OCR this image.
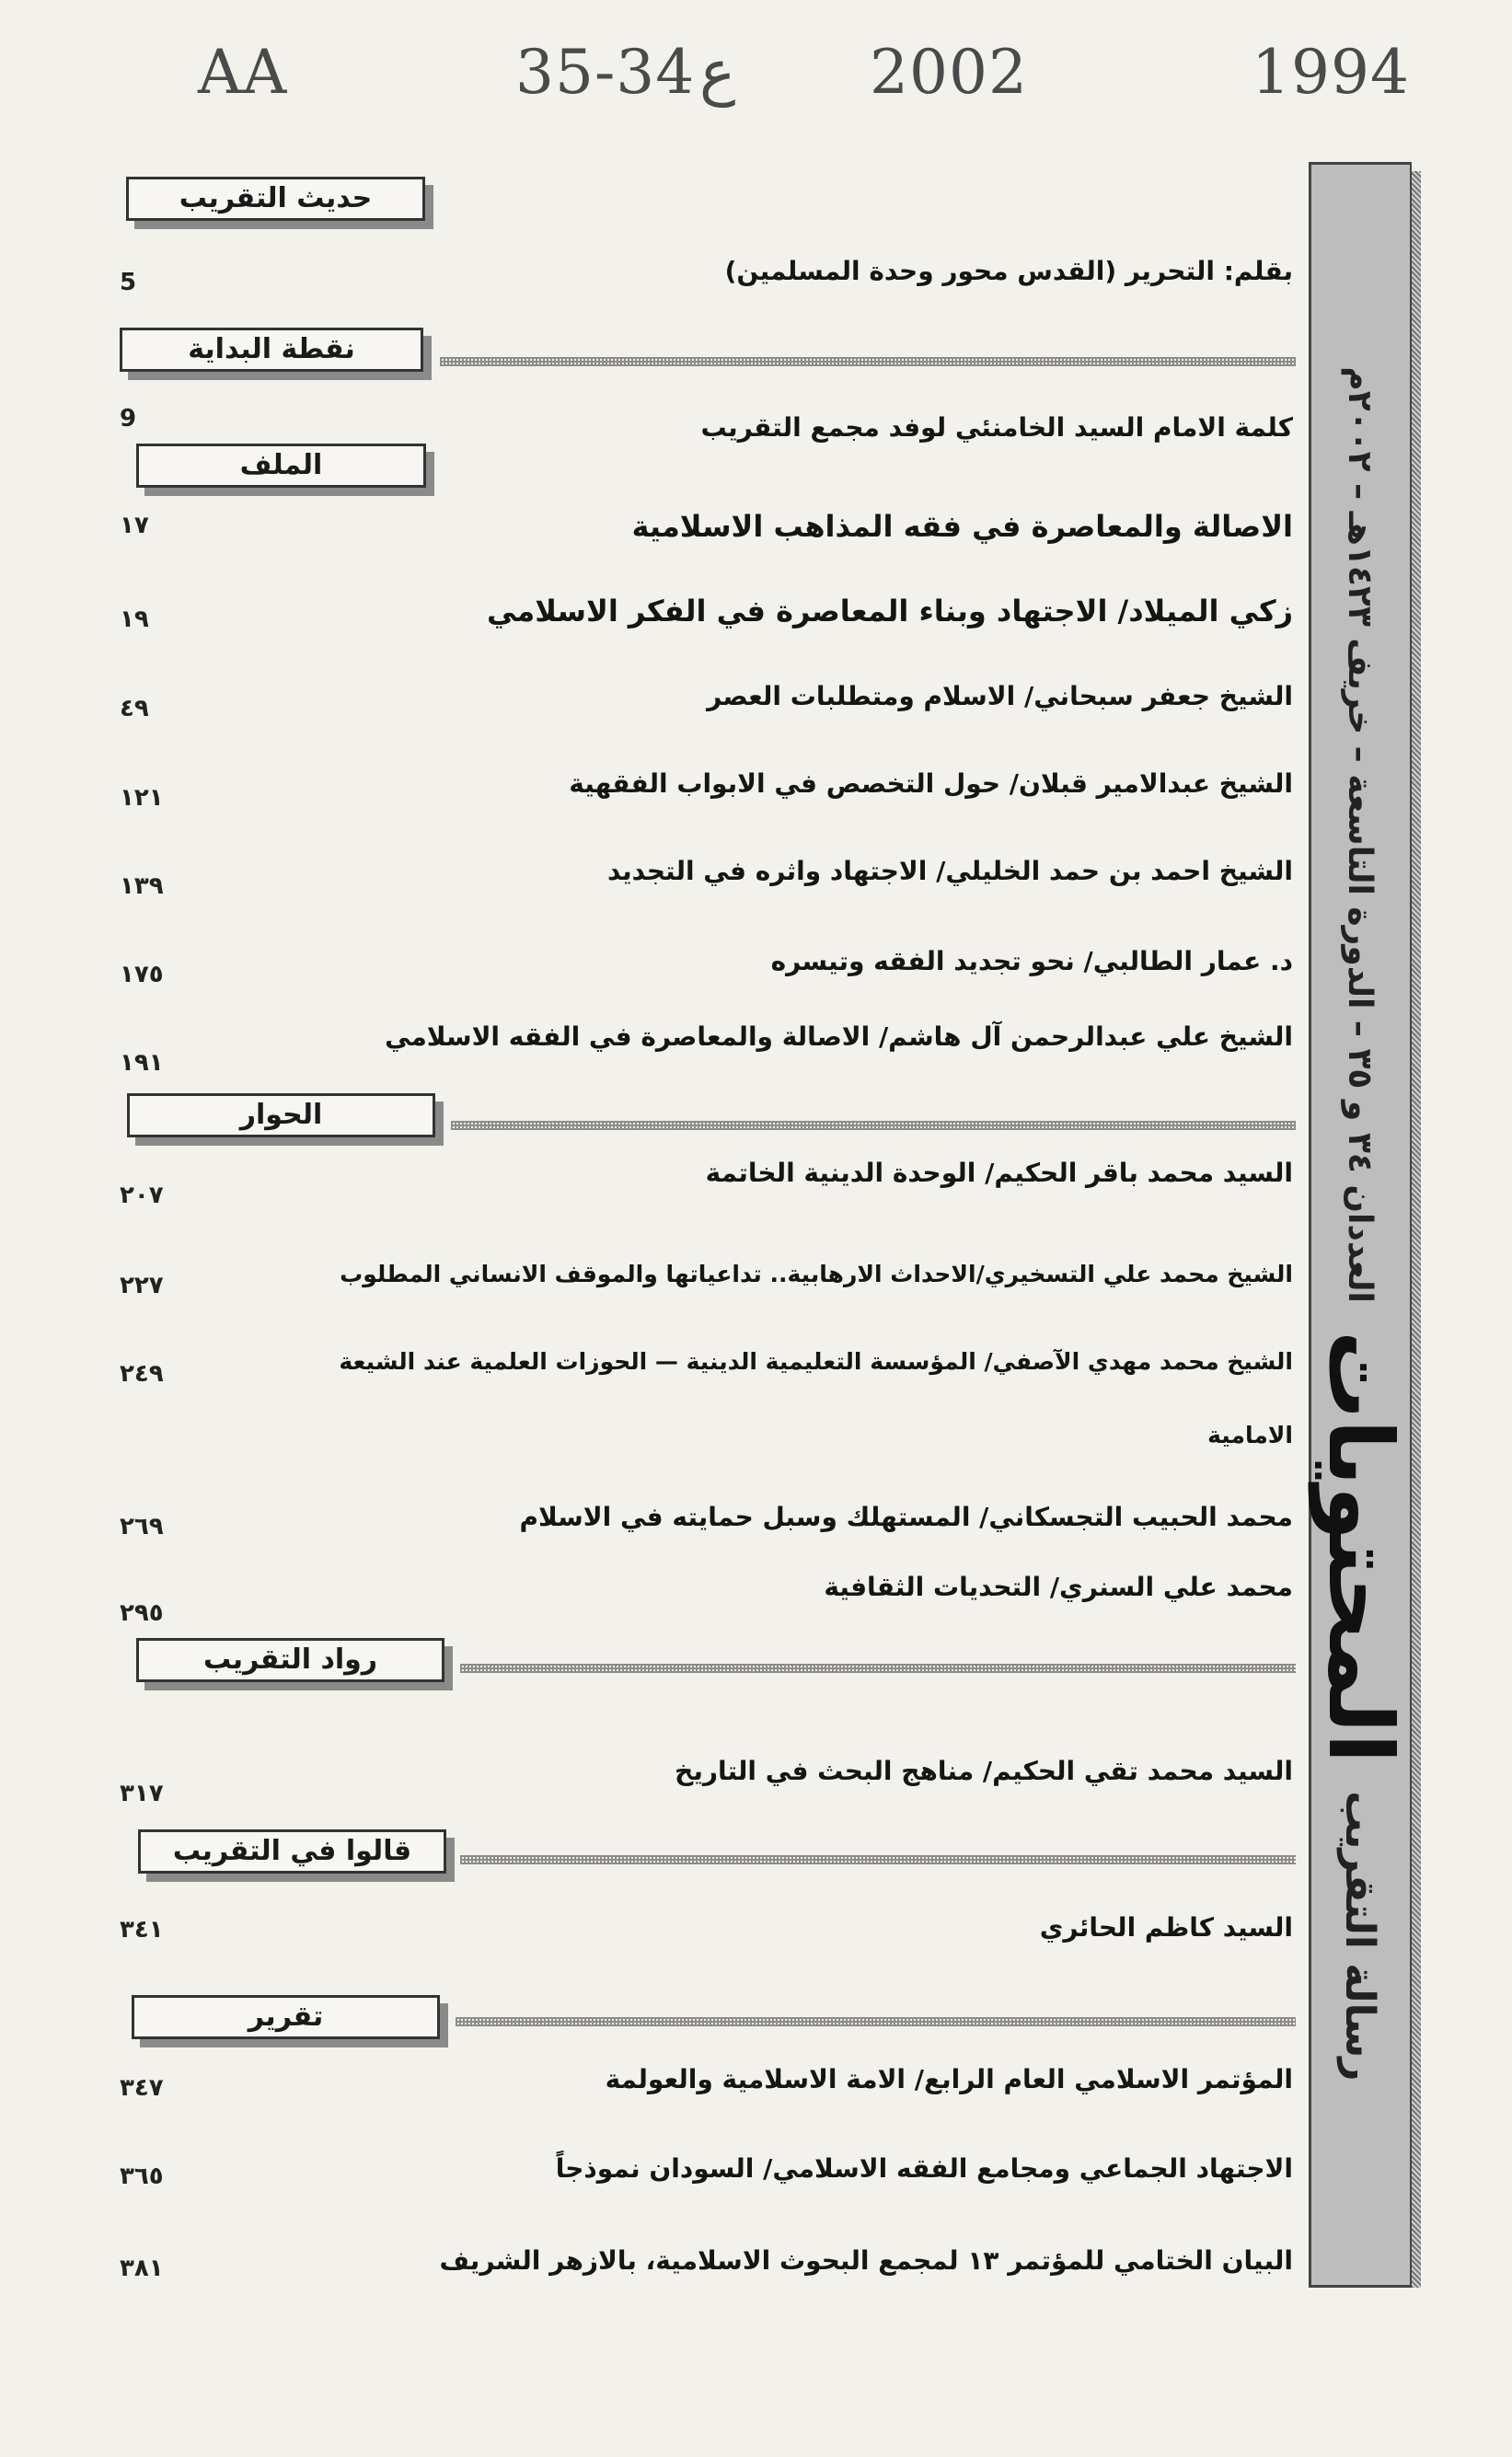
AA	35-34 ع 2002	1994
رسالة التقريب
المحتويات
العددان ٣٤ و ٣٥ – الدورة التاسعة – خريف ١٤٢٣هـ – ٢٠٠٢م
حديث التقريب
بقلم: التحرير (القدس محور وحدة المسلمين)
5
نقطة البداية
كلمة الامام السيد الخامنئي لوفد مجمع التقريب
9
الملف
الاصالة والمعاصرة في فقه المذاهب الاسلامية
١٧
زكي الميلاد/ الاجتهاد وبناء المعاصرة في الفكر الاسلامي
١٩
الشيخ جعفر سبحاني/ الاسلام ومتطلبات العصر
٤٩
الشيخ عبدالامير قبلان/ حول التخصص في الابواب الفقهية
١٢١
الشيخ احمد بن حمد الخليلي/ الاجتهاد واثره في التجديد
١٣٩
د. عمار الطالبي/ نحو تجديد الفقه وتيسره
١٧٥
الشيخ علي عبدالرحمن آل هاشم/ الاصالة والمعاصرة في الفقه الاسلامي
١٩١
الحوار
السيد محمد باقر الحكيم/ الوحدة الدينية الخاتمة
٢٠٧
الشيخ محمد علي التسخيري/الاحداث الارهابية.. تداعياتها والموقف الانساني المطلوب
٢٢٧
الشيخ محمد مهدي الآصفي/ المؤسسة التعليمية الدينية — الحوزات العلمية عند الشيعة
الامامية
٢٤٩
محمد الحبيب التجسكاني/ المستهلك وسبل حمايته في الاسلام
٢٦٩
محمد علي السنري/ التحديات الثقافية
٢٩٥
رواد التقريب
السيد محمد تقي الحكيم/ مناهج البحث في التاريخ
٣١٧
قالوا في التقريب
السيد كاظم الحائري
٣٤١
تقرير
المؤتمر الاسلامي العام الرابع/ الامة الاسلامية والعولمة
٣٤٧
الاجتهاد الجماعي ومجامع الفقه الاسلامي/ السودان نموذجاً
٣٦٥
البيان الختامي للمؤتمر ١٣ لمجمع البحوث الاسلامية، بالازهر الشريف
٣٨١
